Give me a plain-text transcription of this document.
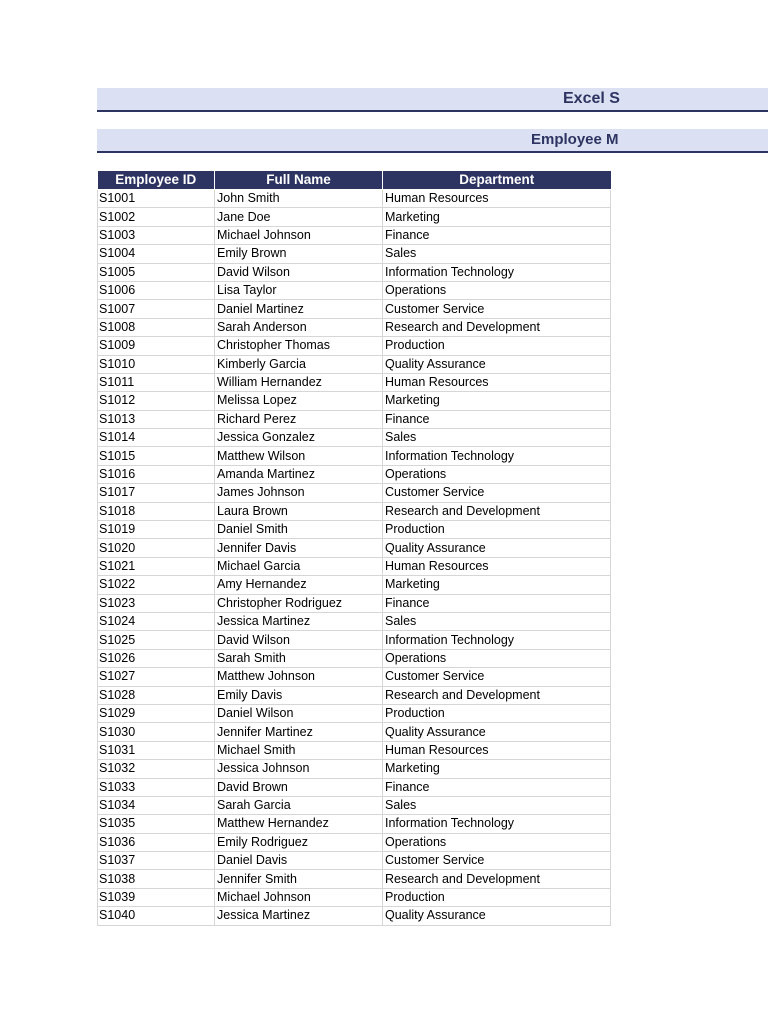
Excel S
Employee M
Employee ID	Full Name	Department
S1001	John Smith	Human Resources
S1002	Jane Doe	Marketing
S1003	Michael Johnson	Finance
S1004	Emily Brown	Sales
S1005	David Wilson	Information Technology
S1006	Lisa Taylor	Operations
S1007	Daniel Martinez	Customer Service
S1008	Sarah Anderson	Research and Development
S1009	Christopher Thomas	Production
S1010	Kimberly Garcia	Quality Assurance
S1011	William Hernandez	Human Resources
S1012	Melissa Lopez	Marketing
S1013	Richard Perez	Finance
S1014	Jessica Gonzalez	Sales
S1015	Matthew Wilson	Information Technology
S1016	Amanda Martinez	Operations
S1017	James Johnson	Customer Service
S1018	Laura Brown	Research and Development
S1019	Daniel Smith	Production
S1020	Jennifer Davis	Quality Assurance
S1021	Michael Garcia	Human Resources
S1022	Amy Hernandez	Marketing
S1023	Christopher Rodriguez	Finance
S1024	Jessica Martinez	Sales
S1025	David Wilson	Information Technology
S1026	Sarah Smith	Operations
S1027	Matthew Johnson	Customer Service
S1028	Emily Davis	Research and Development
S1029	Daniel Wilson	Production
S1030	Jennifer Martinez	Quality Assurance
S1031	Michael Smith	Human Resources
S1032	Jessica Johnson	Marketing
S1033	David Brown	Finance
S1034	Sarah Garcia	Sales
S1035	Matthew Hernandez	Information Technology
S1036	Emily Rodriguez	Operations
S1037	Daniel Davis	Customer Service
S1038	Jennifer Smith	Research and Development
S1039	Michael Johnson	Production
S1040	Jessica Martinez	Quality Assurance
